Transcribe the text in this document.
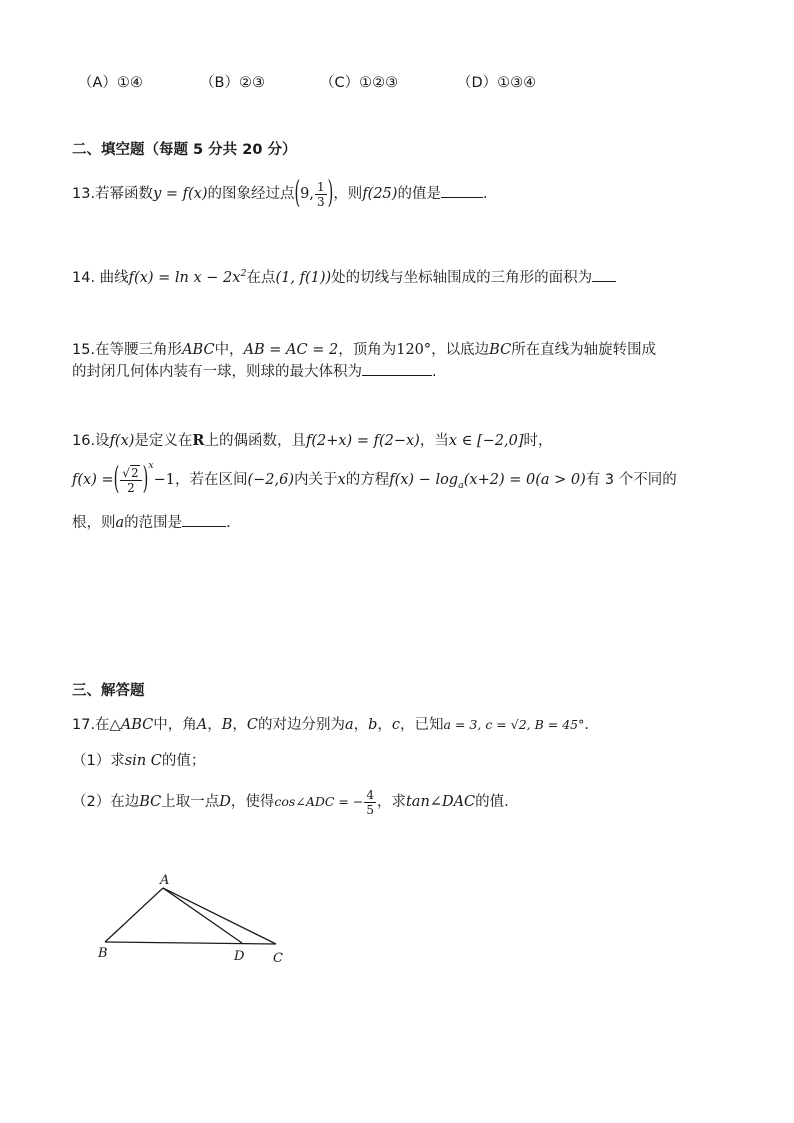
（A）①④	（B）②③	（C）①②③	（D）①③④
二、填空题（每题 5 分共 20 分）
13.若幂函数y = f(x)的图象经过点(9, $\frac{1}{3}$ )，则f(25)的值是	.
14. 曲线$f(x) = \ln x - 2x^2$在点(1, f(1))处的切线与坐标轴围成的三角形的面积为
15.在等腰三角形ABC中，AB = AC = 2，顶角为120°，以底边BC所在直线为轴旋转围成
的封闭几何体内装有一球，则球的最大体积为	.
16.设f(x)是定义在R上的偶函数，且f(2+x) = f(2−x)，当x ∈ [−2,0]时，
f(x) =( $\frac{√2}{2} )^x-1$，若在区间(−2,6)内关于x的方程$f(x) - \log_a(x+2) = 0(a > 0)$有 3 个不同的
根，则a的范围是	.
三、解答题
17.在△ABC中，角A，B，C的对边分别为a，b，c，已知a = 3, c = √2, B = 45°.
（1）求sin C的值；
（2）在边BC上取一点D，使得cos∠ADC = − $\frac{4}{5}$ ，求tan∠DAC的值.
A
B	D C
